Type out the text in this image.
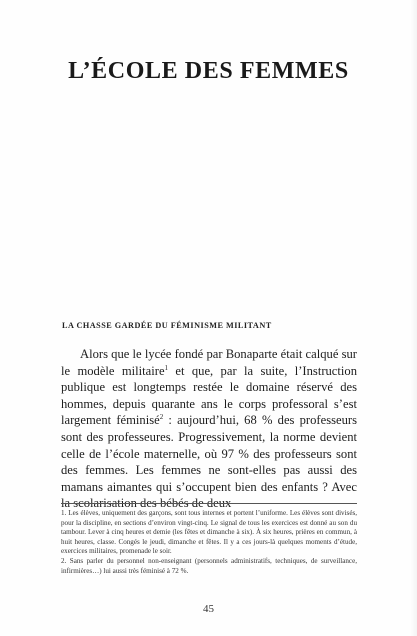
L’ÉCOLE DES FEMMES
LA CHASSE GARDÉE DU FÉMINISME MILITANT

Alors que le lycée fondé par Bonaparte était calqué sur le modèle militaire$^1$ et que, par la suite, l’Instruction publique est longtemps restée le domaine réservé des hommes, depuis quarante ans le corps professoral s’est largement féminisé$^2$ : aujourd’hui, 68 % des professeurs sont des professeures. Progressivement, la norme devient celle de l’école maternelle, où 97 % des professeurs sont des femmes. Les femmes ne sont-elles pas aussi des mamans aimantes qui s’occupent bien des enfants ? Avec la scolarisation des bébés de deux

1. Les élèves, uniquement des garçons, sont tous internes et portent l’uniforme. Les élèves sont divisés, pour la discipline, en sections d’environ vingt-cinq. Le signal de tous les exercices est donné au son du tambour. Lever à cinq heures et demie (les fêtes et dimanche à six). À six heures, prières en commun, à huit heures, classe. Congés le jeudi, dimanche et fêtes. Il y a ces jours-là quelques moments d’étude, exercices militaires, promenade le soir.

2. Sans parler du personnel non-enseignant (personnels administratifs, techniques, de surveillance, infirmières…) lui aussi très féminisé à 72 %.

45
